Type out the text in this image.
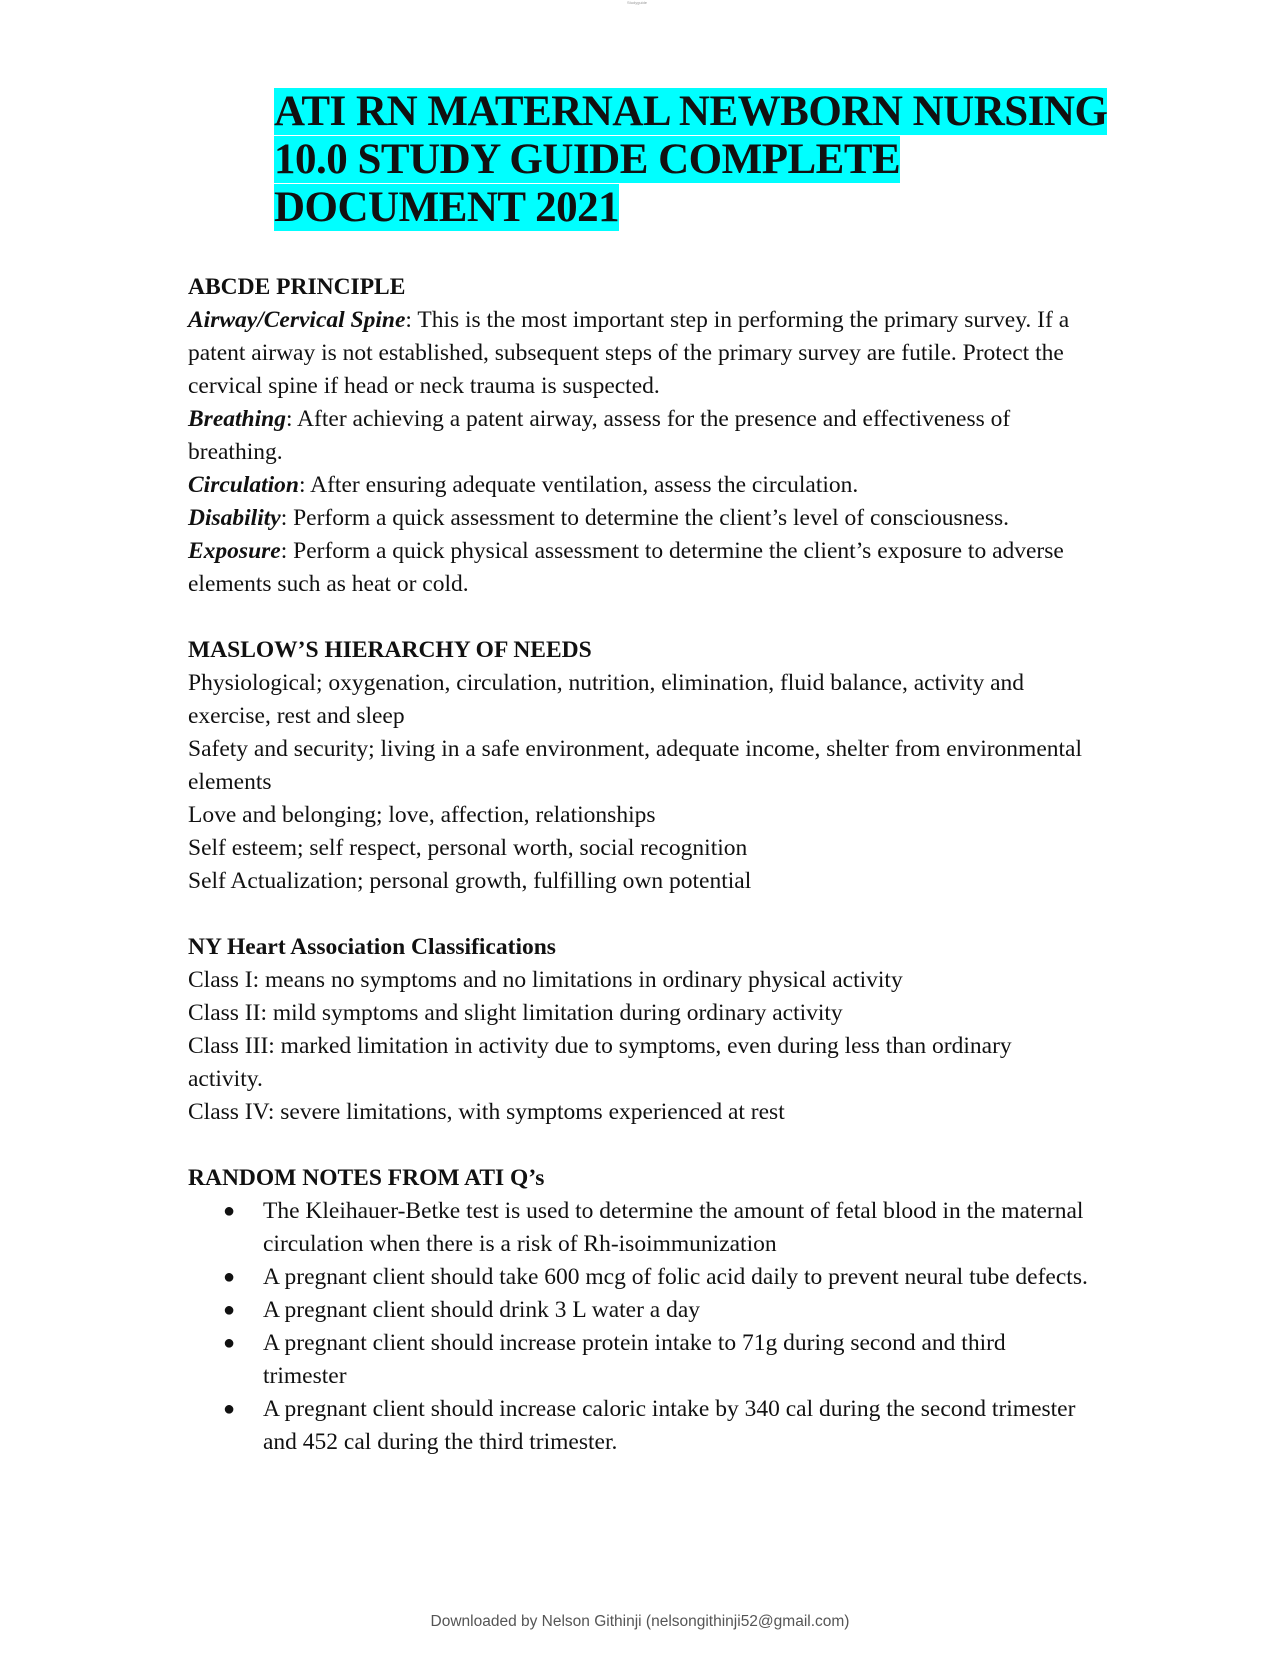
Studyguide
ATI RN MATERNAL NEWBORN NURSING
10.0 STUDY GUIDE COMPLETE
DOCUMENT 2021
ABCDE PRINCIPLE

Airway/Cervical Spine: This is the most important step in performing the primary survey. If a patent airway is not established, subsequent steps of the primary survey are futile. Protect the cervical spine if head or neck trauma is suspected.

Breathing: After achieving a patent airway, assess for the presence and effectiveness of breathing.

Circulation: After ensuring adequate ventilation, assess the circulation.

Disability: Perform a quick assessment to determine the client’s level of consciousness.

Exposure: Perform a quick physical assessment to determine the client’s exposure to adverse elements such as heat or cold.

MASLOW’S HIERARCHY OF NEEDS

Physiological; oxygenation, circulation, nutrition, elimination, fluid balance, activity and exercise, rest and sleep

Safety and security; living in a safe environment, adequate income, shelter from environmental elements

Love and belonging; love, affection, relationships

Self esteem; self respect, personal worth, social recognition

Self Actualization; personal growth, fulfilling own potential

NY Heart Association Classifications

Class I: means no symptoms and no limitations in ordinary physical activity

Class II: mild symptoms and slight limitation during ordinary activity

Class III: marked limitation in activity due to symptoms, even during less than ordinary activity.

Class IV: severe limitations, with symptoms experienced at rest

RANDOM NOTES FROM ATI Q’s
● The Kleihauer-Betke test is used to determine the amount of fetal blood in the maternal circulation when there is a risk of Rh-isoimmunization
● A pregnant client should take 600 mcg of folic acid daily to prevent neural tube defects.
● A pregnant client should drink 3 L water a day
● A pregnant client should increase protein intake to 71g during second and third trimester
● A pregnant client should increase caloric intake by 340 cal during the second trimester and 452 cal during the third trimester.
Downloaded by Nelson Githinji (nelsongithinji52@gmail.com)
